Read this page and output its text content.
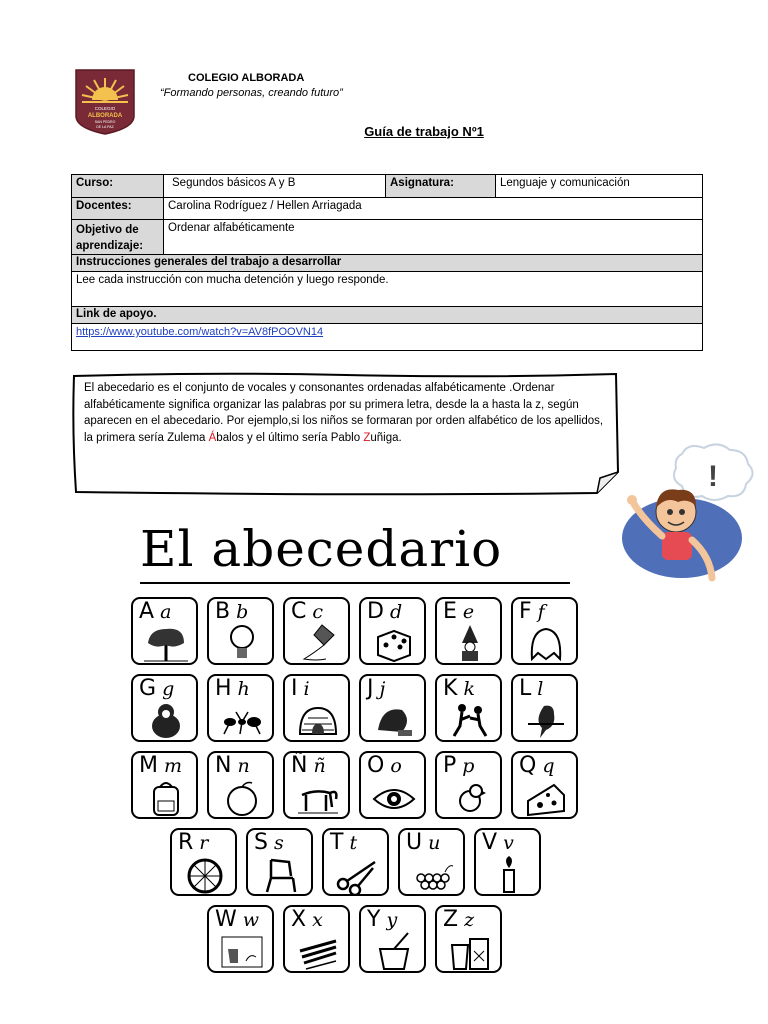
COLEGIO
ALBORADA
SAN PEDRO
DE LA PAZ
COLEGIO ALBORADA
“Formando personas, creando futuro”
Guía de trabajo Nº1
Curso:	Segundos básicos A y B	Asignatura:	Lenguaje y comunicación
Docentes:	Carolina Rodríguez / Hellen Arriagada
Objetivo de aprendizaje:
Ordenar alfabéticamente
Instrucciones generales del trabajo a desarrollar
Lee cada instrucción con mucha detención y luego responde.
Link de apoyo.
https://www.youtube.com/watch?v=AV8fPOOVN14
El abecedario es el conjunto de vocales y consonantes ordenadas alfabéticamente .Ordenar alfabéticamente significa organizar las palabras por su primera letra, desde la a hasta la z, según aparecen en el abecedario. Por ejemplo,si los niños se formaran por orden alfabético de los apellidos, la primera sería Zulema Ábalos y el último sería Pablo Zuñiga.
!
El abecedario
A a B b C c D d E e F f
G g H h I i	J j	K k L l
M m N n Ñ ñ O o P p Q q
R r S s T t U u V v
W w X x Y y Z z
